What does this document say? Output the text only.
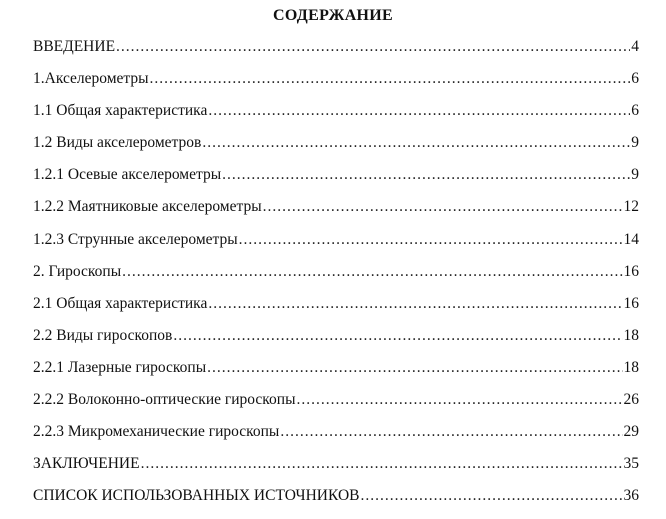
СОДЕРЖАНИЕ
ВВЕДЕНИЕ .....	4
1.Акселерометры .....	6
1.1 Общая характеристика .....	6
1.2 Виды акселерометров .....	9
1.2.1 Осевые акселерометры .....	9
1.2.2 Маятниковые акселерометры .....	12
1.2.3 Струнные акселерометры .....	14
2. Гироскопы .....	16
2.1 Общая характеристика .....	16
2.2 Виды гироскопов .....	18
2.2.1 Лазерные гироскопы .....	18
2.2.2 Волоконно-оптические гироскопы .....	26
2.2.3 Микромеханические гироскопы .....	29
ЗАКЛЮЧЕНИЕ .....	35
СПИСОК ИСПОЛЬЗОВАННЫХ ИСТОЧНИКОВ .....	36
